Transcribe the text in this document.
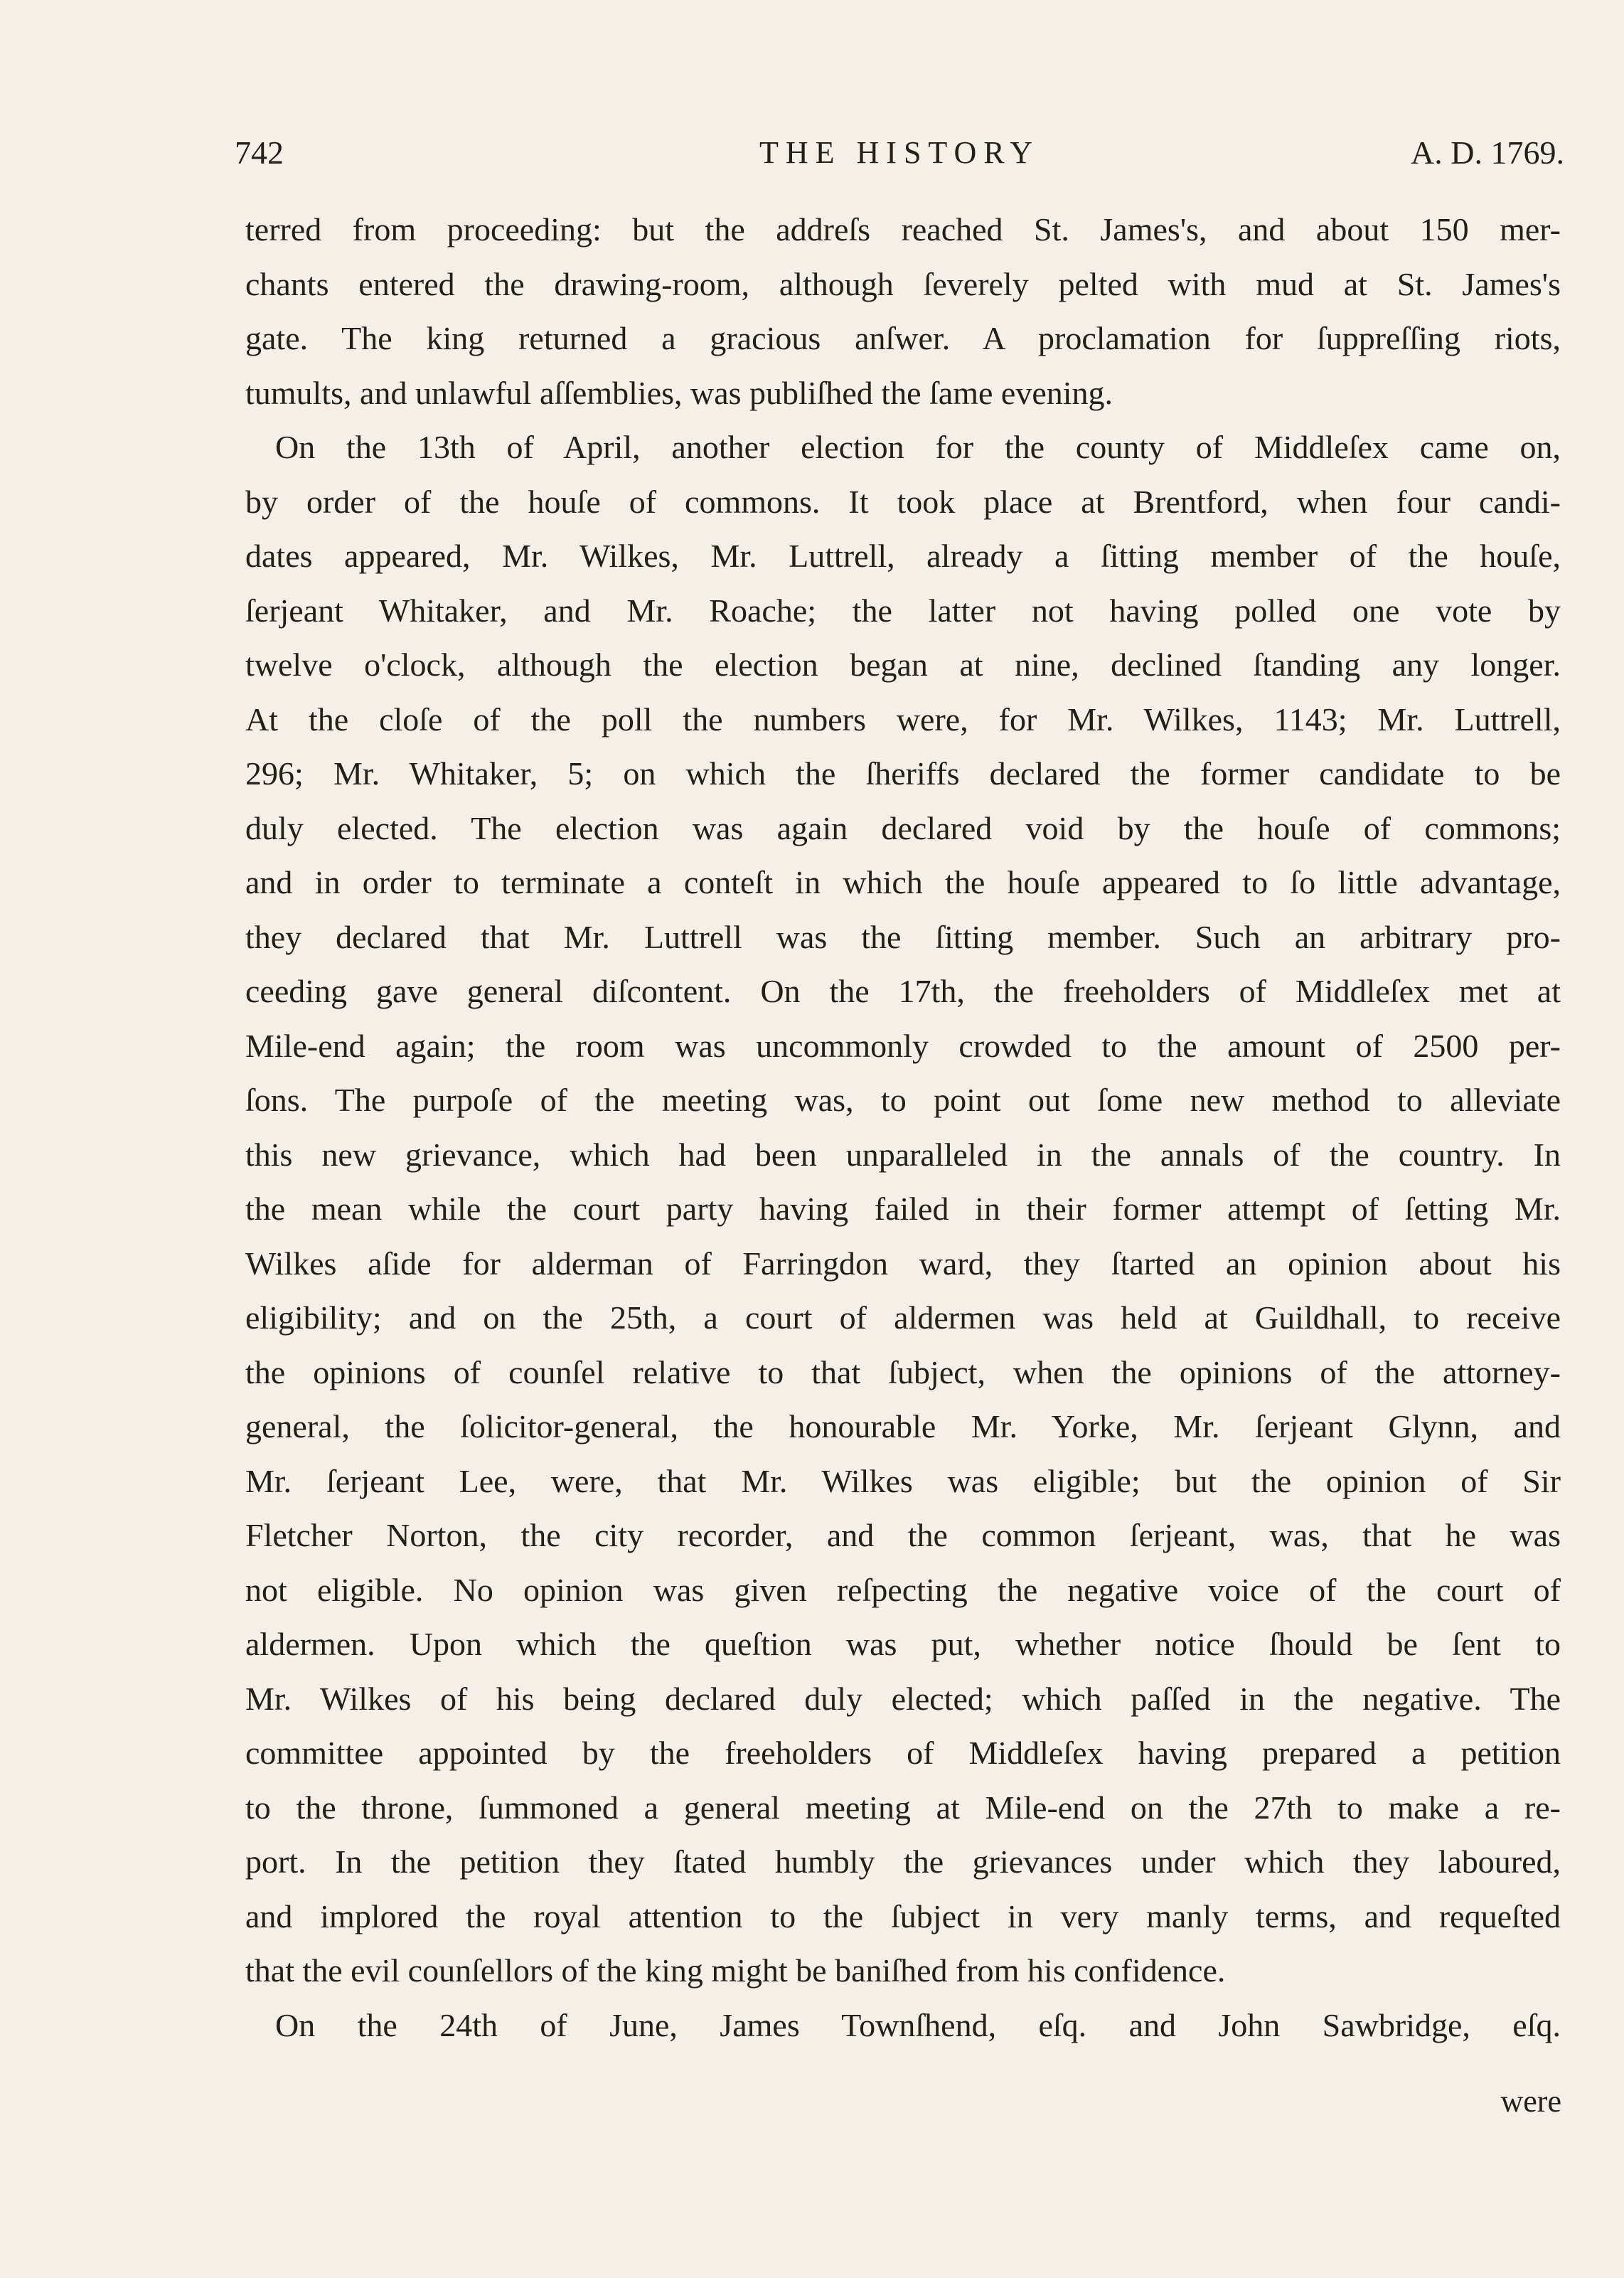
742	THE HISTORY	A. D. 1769.
terred from proceeding: but the addreſs reached St. James's, and about 150 mer-
chants entered the drawing-room, although ſeverely pelted with mud at St. James's
gate. The king returned a gracious anſwer. A proclamation for ſuppreſſing riots,
tumults, and unlawful aſſemblies, was publiſhed the ſame evening.
On the 13th of April, another election for the county of Middleſex came on,
by order of the houſe of commons. It took place at Brentford, when four candi-
dates appeared, Mr. Wilkes, Mr. Luttrell, already a ſitting member of the houſe,
ſerjeant Whitaker, and Mr. Roache; the latter not having polled one vote by
twelve o'clock, although the election began at nine, declined ſtanding any longer.
At the cloſe of the poll the numbers were, for Mr. Wilkes, 1143; Mr. Luttrell,
296; Mr. Whitaker, 5; on which the ſheriffs declared the former candidate to be
duly elected. The election was again declared void by the houſe of commons;
and in order to terminate a conteſt in which the houſe appeared to ſo little advantage,
they declared that Mr. Luttrell was the ſitting member. Such an arbitrary pro-
ceeding gave general diſcontent. On the 17th, the freeholders of Middleſex met at
Mile-end again; the room was uncommonly crowded to the amount of 2500 per-
ſons. The purpoſe of the meeting was, to point out ſome new method to alleviate
this new grievance, which had been unparalleled in the annals of the country. In
the mean while the court party having failed in their former attempt of ſetting Mr.
Wilkes aſide for alderman of Farringdon ward, they ſtarted an opinion about his
eligibility; and on the 25th, a court of aldermen was held at Guildhall, to receive
the opinions of counſel relative to that ſubject, when the opinions of the attorney-
general, the ſolicitor-general, the honourable Mr. Yorke, Mr. ſerjeant Glynn, and
Mr. ſerjeant Lee, were, that Mr. Wilkes was eligible; but the opinion of Sir
Fletcher Norton, the city recorder, and the common ſerjeant, was, that he was
not eligible. No opinion was given reſpecting the negative voice of the court of
aldermen. Upon which the queſtion was put, whether notice ſhould be ſent to
Mr. Wilkes of his being declared duly elected; which paſſed in the negative. The
committee appointed by the freeholders of Middleſex having prepared a petition
to the throne, ſummoned a general meeting at Mile-end on the 27th to make a re-
port. In the petition they ſtated humbly the grievances under which they laboured,
and implored the royal attention to the ſubject in very manly terms, and requeſted
that the evil counſellors of the king might be baniſhed from his confidence.
On the 24th of June, James Townſhend, eſq. and John Sawbridge, eſq.
were
